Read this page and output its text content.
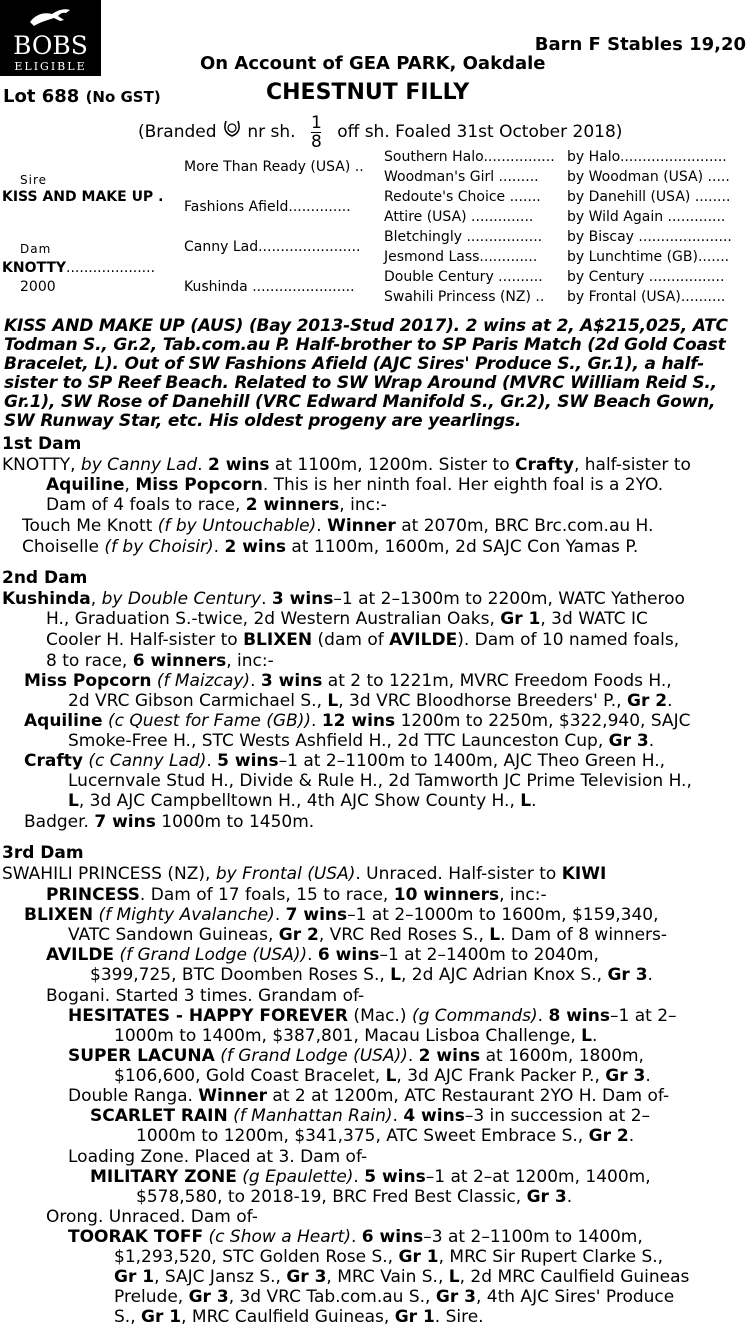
BOBS
ELIGIBLE
Barn F Stables 19,20
On Account of GEA PARK, Oakdale
Lot 688 (No GST)	CHESTNUT FILLY
(Branded nr sh. $\frac{1}{8}$ off sh. Foaled 31st October 2018)
Sire
KISS AND MAKE UP .
Dam
KNOTTY....................
2000
More Than Ready (USA) ..
Fashions Afield..............
Canny Lad.......................
Kushinda .......................
Southern Halo................ by Halo........................
Woodman's Girl ......... by Woodman (USA) .....
Redoute's Choice ....... by Danehill (USA) ........
Attire (USA) .............. by Wild Again .............
Bletchingly ................. by Biscay .....................
Jesmond Lass............. by Lunchtime (GB).......
Double Century .......... by Century .................
Swahili Princess (NZ) .. by Frontal (USA)..........
KISS AND MAKE UP (AUS) (Bay 2013-Stud 2017). 2 wins at 2, A$215,025, ATC Todman S., Gr.2, Tab.com.au P. Half-brother to SP Paris Match (2d Gold Coast Bracelet, L). Out of SW Fashions Afield (AJC Sires' Produce S., Gr.1), a half-sister to SP Reef Beach. Related to SW Wrap Around (MVRC William Reid S., Gr.1), SW Rose of Danehill (VRC Edward Manifold S., Gr.2), SW Beach Gown, SW Runway Star, etc. His oldest progeny are yearlings.
1st Dam
2nd Dam
3rd Dam
KNOTTY, by Canny Lad. 2 wins at 1100m, 1200m. Sister to Crafty, half-sister to
Aquiline, Miss Popcorn. This is her ninth foal. Her eighth foal is a 2YO.
Dam of 4 foals to race, 2 winners, inc:-
Touch Me Knott (f by Untouchable). Winner at 2070m, BRC Brc.com.au H.
Choiselle (f by Choisir). 2 wins at 1100m, 1600m, 2d SAJC Con Yamas P.
Kushinda, by Double Century. 3 wins–1 at 2–1300m to 2200m, WATC Yatheroo
H., Graduation S.-twice, 2d Western Australian Oaks, Gr 1, 3d WATC IC
Cooler H. Half-sister to BLIXEN (dam of AVILDE). Dam of 10 named foals,
8 to race, 6 winners, inc:-
Miss Popcorn (f Maizcay). 3 wins at 2 to 1221m, MVRC Freedom Foods H.,
2d VRC Gibson Carmichael S., L, 3d VRC Bloodhorse Breeders' P., Gr 2.
Aquiline (c Quest for Fame (GB)). 12 wins 1200m to 2250m, $322,940, SAJC
Smoke-Free H., STC Wests Ashfield H., 2d TTC Launceston Cup, Gr 3.
Crafty (c Canny Lad). 5 wins–1 at 2–1100m to 1400m, AJC Theo Green H.,
Lucernvale Stud H., Divide & Rule H., 2d Tamworth JC Prime Television H.,
L, 3d AJC Campbelltown H., 4th AJC Show County H., L.
Badger. 7 wins 1000m to 1450m.
SWAHILI PRINCESS (NZ), by Frontal (USA). Unraced. Half-sister to KIWI
PRINCESS. Dam of 17 foals, 15 to race, 10 winners, inc:-
BLIXEN (f Mighty Avalanche). 7 wins–1 at 2–1000m to 1600m, $159,340,
VATC Sandown Guineas, Gr 2, VRC Red Roses S., L. Dam of 8 winners-
AVILDE (f Grand Lodge (USA)). 6 wins–1 at 2–1400m to 2040m,
$399,725, BTC Doomben Roses S., L, 2d AJC Adrian Knox S., Gr 3.
Bogani. Started 3 times. Grandam of-
HESITATES - HAPPY FOREVER (Mac.) (g Commands). 8 wins–1 at 2–
1000m to 1400m, $387,801, Macau Lisboa Challenge, L.
SUPER LACUNA (f Grand Lodge (USA)). 2 wins at 1600m, 1800m,
$106,600, Gold Coast Bracelet, L, 3d AJC Frank Packer P., Gr 3.
Double Ranga. Winner at 2 at 1200m, ATC Restaurant 2YO H. Dam of-
SCARLET RAIN (f Manhattan Rain). 4 wins–3 in succession at 2–
1000m to 1200m, $341,375, ATC Sweet Embrace S., Gr 2.
Loading Zone. Placed at 3. Dam of-
MILITARY ZONE (g Epaulette). 5 wins–1 at 2–at 1200m, 1400m,
$578,580, to 2018-19, BRC Fred Best Classic, Gr 3.
Orong. Unraced. Dam of-
TOORAK TOFF (c Show a Heart). 6 wins–3 at 2–1100m to 1400m,
$1,293,520, STC Golden Rose S., Gr 1, MRC Sir Rupert Clarke S.,
Gr 1, SAJC Jansz S., Gr 3, MRC Vain S., L, 2d MRC Caulfield Guineas
Prelude, Gr 3, 3d VRC Tab.com.au S., Gr 3, 4th AJC Sires' Produce
S., Gr 1, MRC Caulfield Guineas, Gr 1. Sire.
